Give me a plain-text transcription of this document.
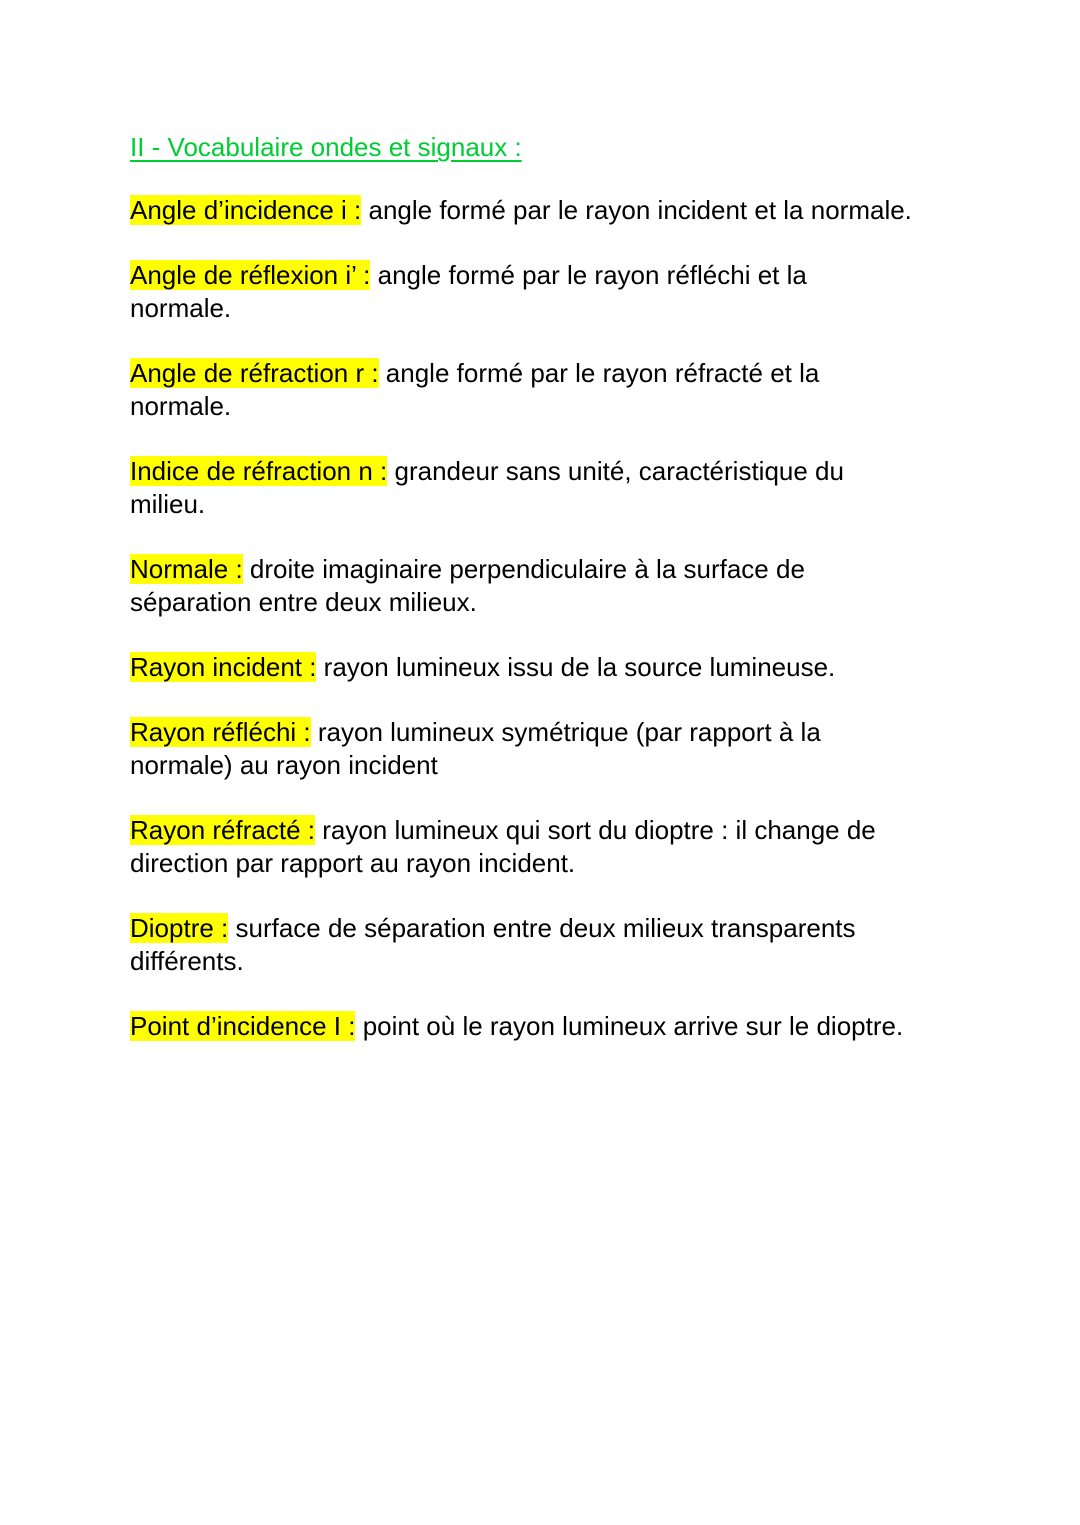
II - Vocabulaire ondes et signaux :

Angle d’incidence i : angle formé par le rayon incident et la normale.

Angle de réflexion i’ : angle formé par le rayon réfléchi et la normale.

Angle de réfraction r : angle formé par le rayon réfracté et la normale.

Indice de réfraction n : grandeur sans unité, caractéristique du milieu.

Normale : droite imaginaire perpendiculaire à la surface de séparation entre deux milieux.

Rayon incident : rayon lumineux issu de la source lumineuse.

Rayon réfléchi : rayon lumineux symétrique (par rapport à la normale) au rayon incident

Rayon réfracté : rayon lumineux qui sort du dioptre : il change de direction par rapport au rayon incident.

Dioptre : surface de séparation entre deux milieux transparents différents.

Point d’incidence I : point où le rayon lumineux arrive sur le dioptre.
